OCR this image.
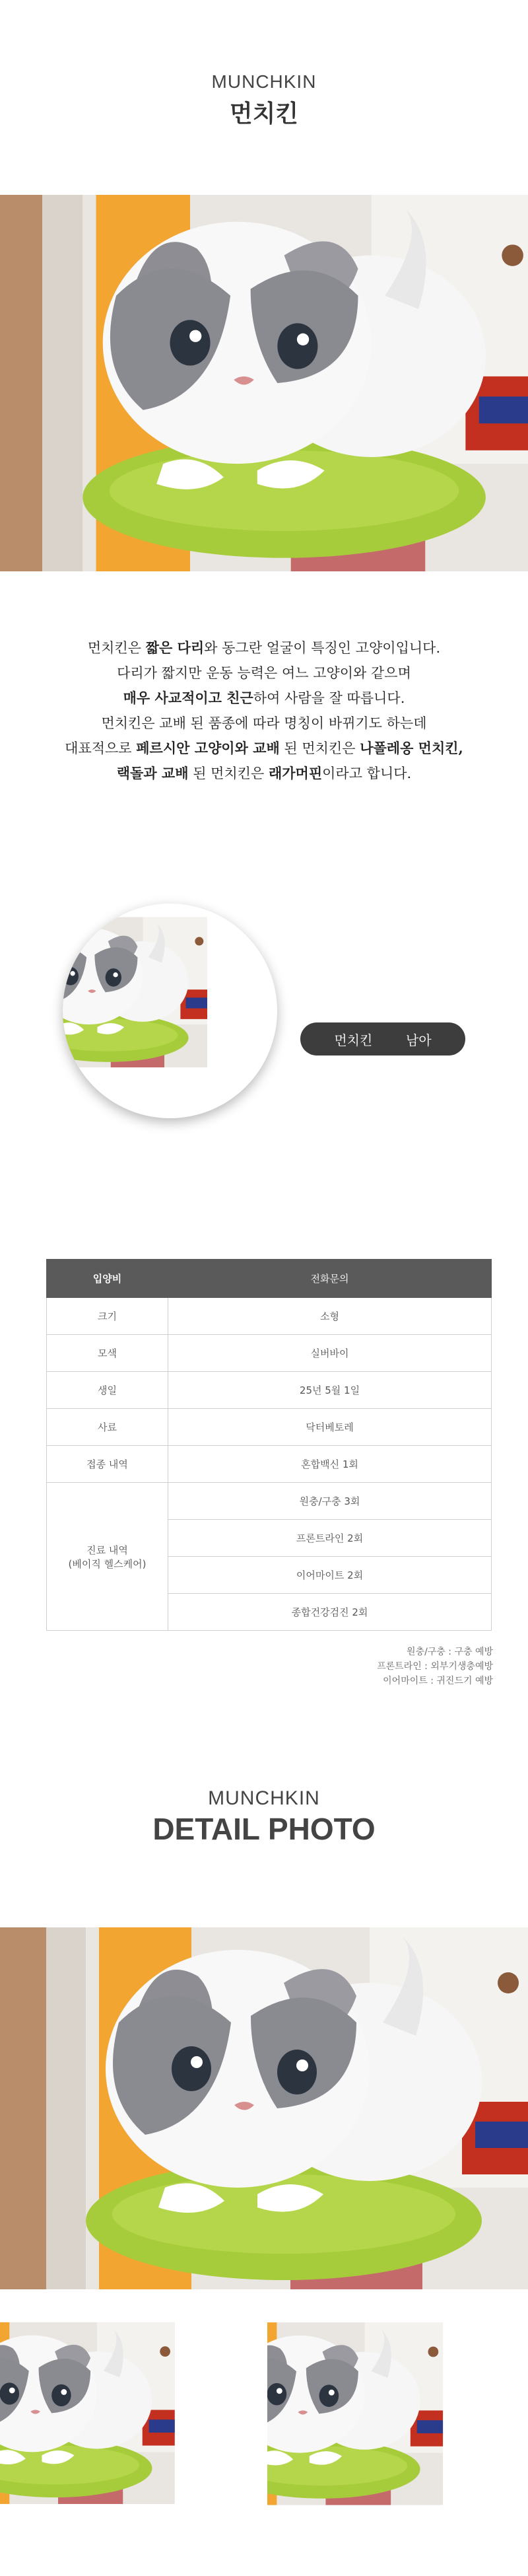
MUNCHKIN
먼치킨

먼치킨은 짧은 다리와 동그란 얼굴이 특징인 고양이입니다.

다리가 짧지만 운동 능력은 여느 고양이와 같으며

매우 사교적이고 친근하여 사람을 잘 따릅니다.

먼치킨은 교배 된 품종에 따라 명칭이 바뀌기도 하는데

대표적으로 페르시안 고양이와 교배 된 먼치킨은 나폴레옹 먼치킨,

랙돌과 교배 된 먼치킨은 래가머핀이라고 합니다.

먼치킨	남아
입양비	전화문의
크기	소형
모색	실버바이
생일	25년 5월 1일
사료	닥터베토레
접종 내역	혼합백신 1회

진료 내역
(베이직 헬스케어)	원충/구충 3회
	프론트라인 2회
	이어마이트 2회
	종합건강검진 2회
원충/구충 : 구충 예방
프론트라인 : 외부기생충예방
이어마이트 : 귀진드기 예방
MUNCHKIN
DETAIL PHOTO
